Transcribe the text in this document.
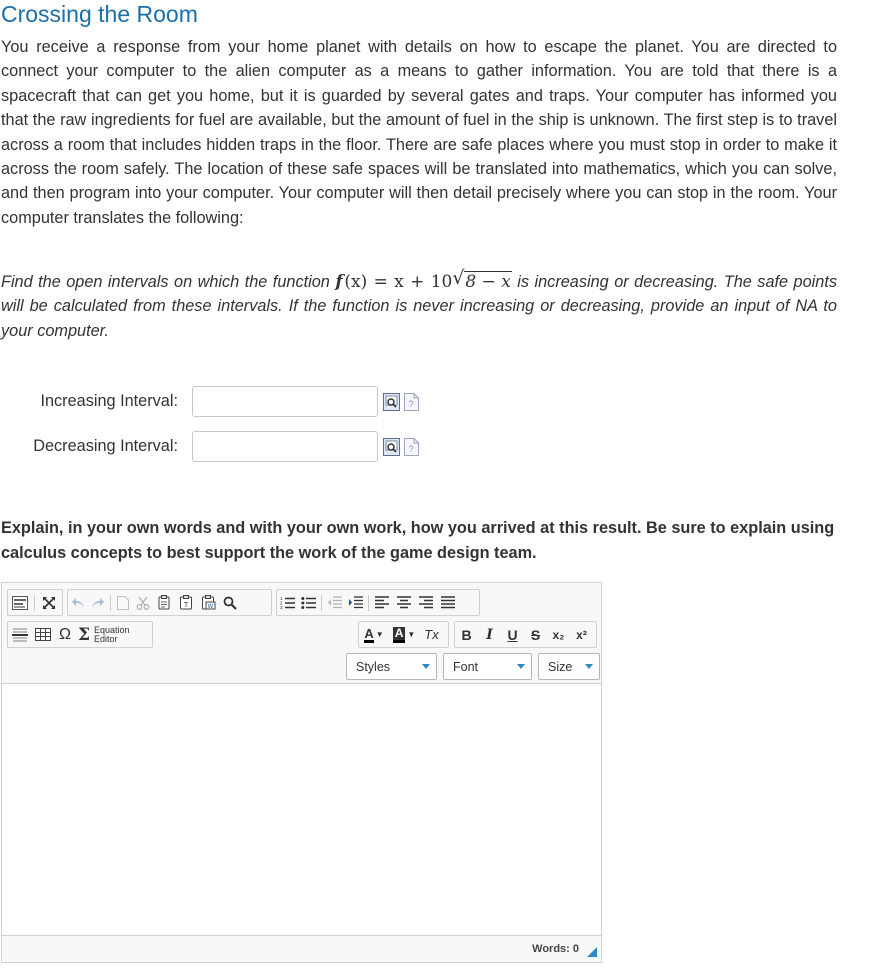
Crossing the Room

You receive a response from your home planet with details on how to escape the planet. You are directed to connect your computer to the alien computer as a means to gather information. You are told that there is a spacecraft that can get you home, but it is guarded by several gates and traps. Your computer has informed you that the raw ingredients for fuel are available, but the amount of fuel in the ship is unknown. The first step is to travel across a room that includes hidden traps in the floor. There are safe places where you must stop in order to make it across the room safely. The location of these safe spaces will be translated into mathematics, which you can solve, and then program into your computer. Your computer will then detail precisely where you can stop in the room. Your computer translates the following:

Find the open intervals on which the function f  (x) = x + 10 √ 8 − x is increasing or decreasing. The safe points will be calculated from these intervals. If the function is never increasing or decreasing, provide an input of NA to your computer.

Increasing Interval:	?
Decreasing Interval:	?

Explain, in your own words and with your own work, how you arrived at this result. Be sure to explain using calculus concepts to best support the work of the game design team.

T	W
1
2
3
Ω Σ Equation
Editor	A ▼ A ▼ Tx	B	I	U S	x₂ x²
Styles	Font	Size
Words: 0
